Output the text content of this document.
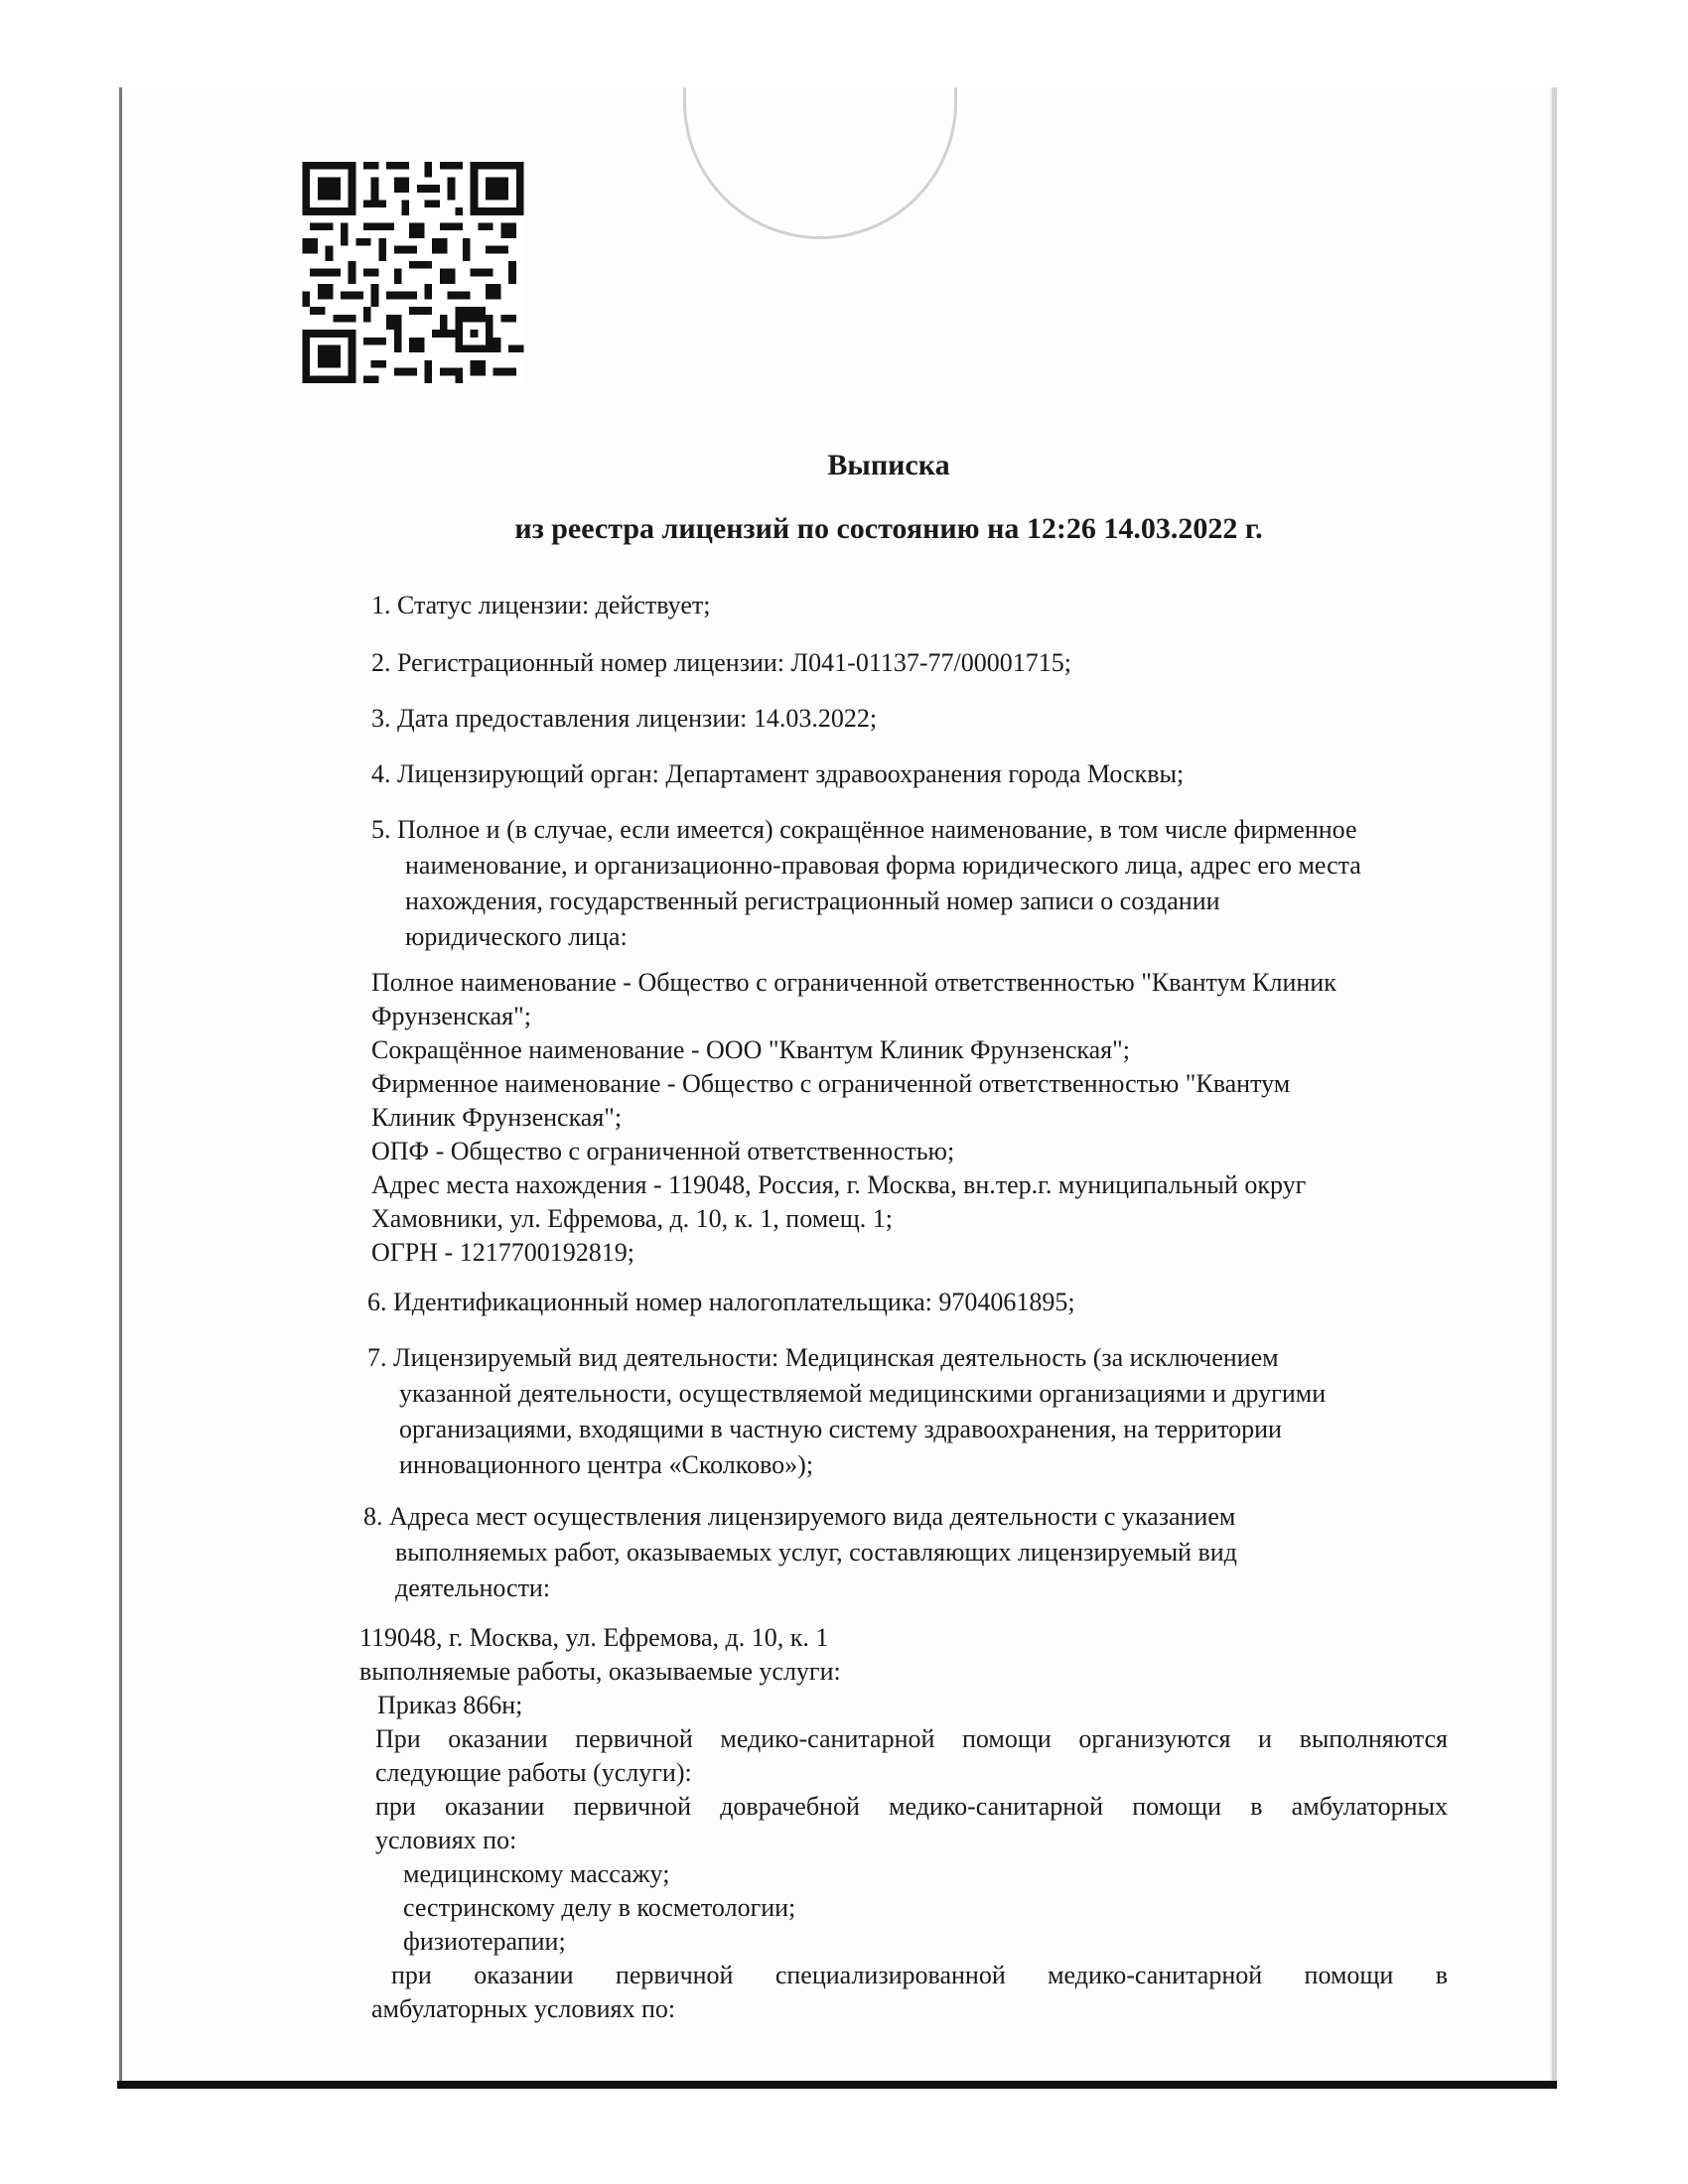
Выписка
из реестра лицензий по состоянию на 12:26 14.03.2022 г.
1. Статус лицензии: действует;
2. Регистрационный номер лицензии: Л041-01137-77/00001715;
3. Дата предоставления лицензии: 14.03.2022;
4. Лицензирующий орган: Департамент здравоохранения города Москвы;
5. Полное и (в случае, если имеется) сокращённое наименование, в том числе фирменное
наименование, и организационно-правовая форма юридического лица, адрес его места
нахождения, государственный регистрационный номер записи о создании
юридического лица:
Полное наименование - Общество с ограниченной ответственностью "Квантум Клиник
Фрунзенская";
Сокращённое наименование - ООО "Квантум Клиник Фрунзенская";
Фирменное наименование - Общество с ограниченной ответственностью "Квантум
Клиник Фрунзенская";
ОПФ - Общество с ограниченной ответственностью;
Адрес места нахождения - 119048, Россия, г. Москва, вн.тер.г. муниципальный округ
Хамовники, ул. Ефремова, д. 10, к. 1, помещ. 1;
ОГРН - 1217700192819;
6. Идентификационный номер налогоплательщика: 9704061895;
7. Лицензируемый вид деятельности: Медицинская деятельность (за исключением
указанной деятельности, осуществляемой медицинскими организациями и другими
организациями, входящими в частную систему здравоохранения, на территории
инновационного центра «Сколково»);
8. Адреса мест осуществления лицензируемого вида деятельности с указанием
выполняемых работ, оказываемых услуг, составляющих лицензируемый вид
деятельности:
119048, г. Москва, ул. Ефремова, д. 10, к. 1
выполняемые работы, оказываемые услуги:
Приказ 866н;
При оказании первичной медико-санитарной помощи организуются и выполняются
следующие работы (услуги):
при оказании первичной доврачебной медико-санитарной помощи в амбулаторных
условиях по:
медицинскому массажу;
сестринскому делу в косметологии;
физиотерапии;
при оказании первичной специализированной медико-санитарной помощи в
амбулаторных условиях по:
